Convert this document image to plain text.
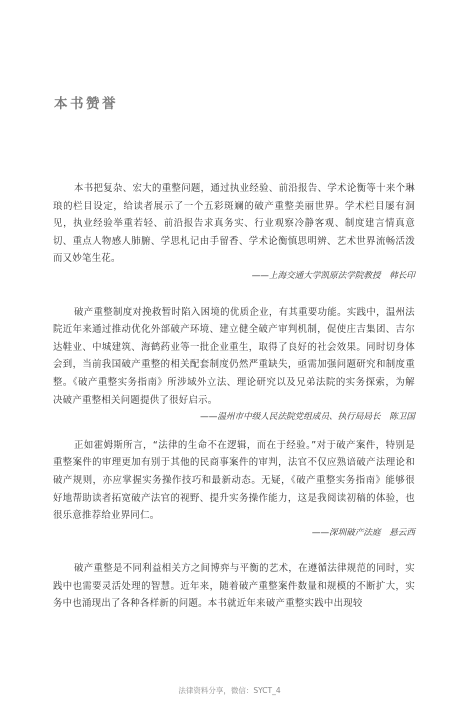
本书赞誉

本书把复杂、宏大的重整问题，通过执业经验、前沿报告、学术论衡等十来个琳琅的栏目设定，给读者展示了一个五彩斑斓的破产重整美丽世界。学术栏目屡有洞见，执业经验举重若轻、前沿报告求真务实、行业观察冷静客观、制度建言情真意切、重点人物感人肺腑、学思札记由手留香、学术论衡慎思明辨、艺术世界流畅活泼而又妙笔生花。

——上海交通大学凯原法学院教授　韩长印

破产重整制度对挽救暂时陷入困境的优质企业，有其重要功能。实践中，温州法院近年来通过推动优化外部破产环境、建立健全破产审判机制，促使庄吉集团、吉尔达鞋业、中城建筑、海鹤药业等一批企业重生，取得了良好的社会效果。同时切身体会到，当前我国破产重整的相关配套制度仍然严重缺失，亟需加强问题研究和制度重整。《破产重整实务指南》所涉域外立法、理论研究以及兄弟法院的实务探索，为解决破产重整相关问题提供了很好启示。

——温州市中级人民法院党组成员、执行局局长　陈卫国

正如霍姆斯所言，“法律的生命不在逻辑，而在于经验。”对于破产案件，特别是重整案件的审理更加有别于其他的民商事案件的审判，法官不仅应熟谙破产法理论和破产规则，亦应掌握实务操作技巧和最新动态。无疑，《破产重整实务指南》能够很好地帮助读者拓宽破产法官的视野、提升实务操作能力，这是我阅读初稿的体验，也很乐意推荐给业界同仁。

——深圳破产法庭　悬云西

破产重整是不同利益相关方之间博弈与平衡的艺术，在遵循法律规范的同时，实践中也需要灵活处理的智慧。近年来，随着破产重整案件数量和规模的不断扩大，实务中也涌现出了各种各样新的问题。本书就近年来破产重整实践中出现较

法律资料分享，微信：SYCT_4
